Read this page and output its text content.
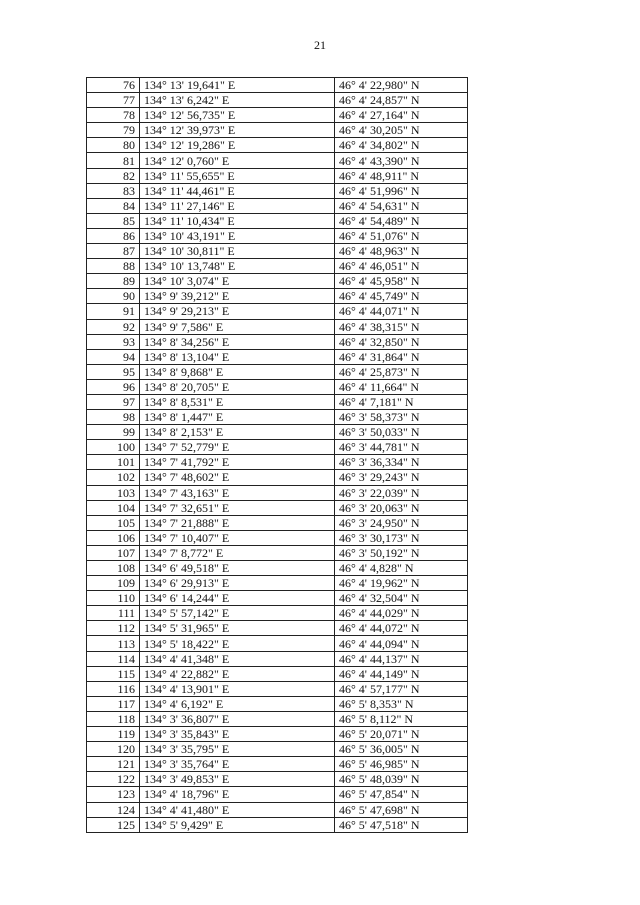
21
76	134° 13' 19,641" E	46° 4' 22,980" N
77	134° 13' 6,242" E	46° 4' 24,857" N
78	134° 12' 56,735" E	46° 4' 27,164" N
79	134° 12' 39,973" E	46° 4' 30,205" N
80	134° 12' 19,286" E	46° 4' 34,802" N
81	134° 12' 0,760" E	46° 4' 43,390" N
82	134° 11' 55,655" E	46° 4' 48,911" N
83	134° 11' 44,461" E	46° 4' 51,996" N
84	134° 11' 27,146" E	46° 4' 54,631" N
85	134° 11' 10,434" E	46° 4' 54,489" N
86	134° 10' 43,191" E	46° 4' 51,076" N
87	134° 10' 30,811" E	46° 4' 48,963" N
88	134° 10' 13,748" E	46° 4' 46,051" N
89	134° 10' 3,074" E	46° 4' 45,958" N
90	134° 9' 39,212" E	46° 4' 45,749" N
91	134° 9' 29,213" E	46° 4' 44,071" N
92	134° 9' 7,586" E	46° 4' 38,315" N
93	134° 8' 34,256" E	46° 4' 32,850" N
94	134° 8' 13,104" E	46° 4' 31,864" N
95	134° 8' 9,868" E	46° 4' 25,873" N
96	134° 8' 20,705" E	46° 4' 11,664" N
97	134° 8' 8,531" E	46° 4' 7,181" N
98	134° 8' 1,447" E	46° 3' 58,373" N
99	134° 8' 2,153" E	46° 3' 50,033" N
100	134° 7' 52,779" E	46° 3' 44,781" N
101	134° 7' 41,792" E	46° 3' 36,334" N
102	134° 7' 48,602" E	46° 3' 29,243" N
103	134° 7' 43,163" E	46° 3' 22,039" N
104	134° 7' 32,651" E	46° 3' 20,063" N
105	134° 7' 21,888" E	46° 3' 24,950" N
106	134° 7' 10,407" E	46° 3' 30,173" N
107	134° 7' 8,772" E	46° 3' 50,192" N
108	134° 6' 49,518" E	46° 4' 4,828" N
109	134° 6' 29,913" E	46° 4' 19,962" N
110	134° 6' 14,244" E	46° 4' 32,504" N
111	134° 5' 57,142" E	46° 4' 44,029" N
112	134° 5' 31,965" E	46° 4' 44,072" N
113	134° 5' 18,422" E	46° 4' 44,094" N
114	134° 4' 41,348" E	46° 4' 44,137" N
115	134° 4' 22,882" E	46° 4' 44,149" N
116	134° 4' 13,901" E	46° 4' 57,177" N
117	134° 4' 6,192" E	46° 5' 8,353" N
118	134° 3' 36,807" E	46° 5' 8,112" N
119	134° 3' 35,843" E	46° 5' 20,071" N
120	134° 3' 35,795" E	46° 5' 36,005" N
121	134° 3' 35,764" E	46° 5' 46,985" N
122	134° 3' 49,853" E	46° 5' 48,039" N
123	134° 4' 18,796" E	46° 5' 47,854" N
124	134° 4' 41,480" E	46° 5' 47,698" N
125	134° 5' 9,429" E	46° 5' 47,518" N
